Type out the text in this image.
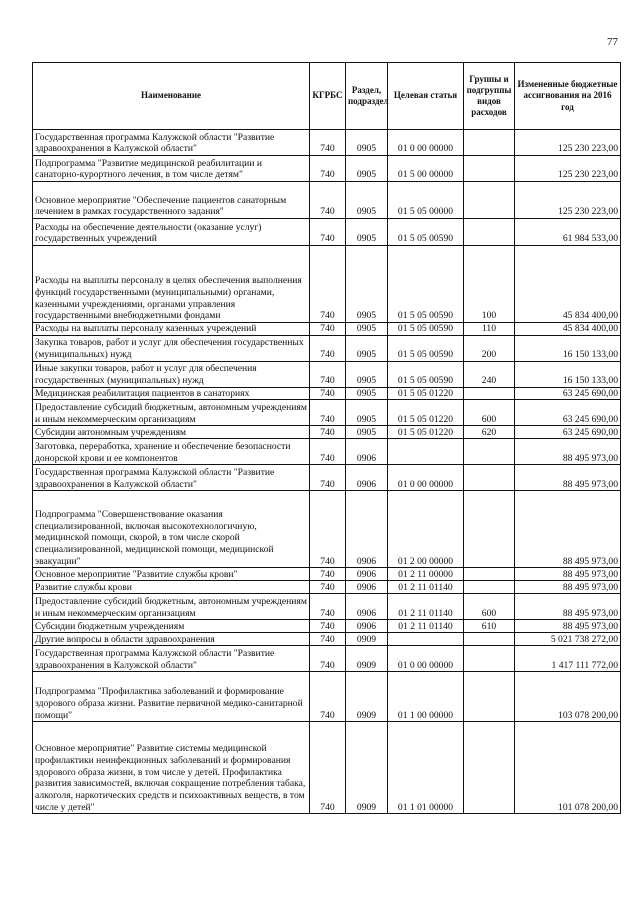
77
Наименование	КГРБС	Раздел, подраздел	Целевая статья	Группы и подгруппы видов расходов	Измененные бюджетные ассигнования на 2016 год
Государственная программа Калужской области "Развитие здравоохранения в Калужской области"	740	0905	01 0 00 00000		125 230 223,00
Подпрограмма "Развитие медицинской реабилитации и санаторно-курортного лечения, в том числе детям"	740	0905	01 5 00 00000		125 230 223,00
Основное мероприятие "Обеспечение пациентов санаторным лечением в рамках государственного задания"	740	0905	01 5 05 00000		125 230 223,00
Расходы на обеспечение деятельности (оказание услуг) государственных учреждений	740	0905	01 5 05 00590		61 984 533,00
Расходы на выплаты персоналу в целях обеспечения выполнения функций государственными (муниципальными) органами, казенными учреждениями, органами управления государственными внебюджетными фондами	740	0905	01 5 05 00590	100	45 834 400,00
Расходы на выплаты персоналу казенных учреждений	740	0905	01 5 05 00590	110	45 834 400,00
Закупка товаров, работ и услуг для обеспечения государственных (муниципальных) нужд	740	0905	01 5 05 00590	200	16 150 133,00
Иные закупки товаров, работ и услуг для обеспечения государственных (муниципальных) нужд	740	0905	01 5 05 00590	240	16 150 133,00
Медицинская реабилитация пациентов в санаториях	740	0905	01 5 05 01220		63 245 690,00
Предоставление субсидий бюджетным, автономным учреждениям и иным некоммерческим организациям	740	0905	01 5 05 01220	600	63 245 690,00
Субсидии автономным учреждениям	740	0905	01 5 05 01220	620	63 245 690,00
Заготовка, переработка, хранение и обеспечение безопасности донорской крови и ее компонентов	740	0906			88 495 973,00
Государственная программа Калужской области "Развитие здравоохранения в Калужской области"	740	0906	01 0 00 00000		88 495 973,00
Подпрограмма "Совершенствование оказания специализированной, включая высокотехнологичную, медицинской помощи, скорой, в том числе скорой специализированной, медицинской помощи, медицинской эвакуации"	740	0906	01 2 00 00000		88 495 973,00
Основное мероприятие "Развитие службы крови"	740	0906	01 2 11 00000		88 495 973,00
Развитие службы крови	740	0906	01 2 11 01140		88 495 973,00
Предоставление субсидий бюджетным, автономным учреждениям и иным некоммерческим организациям	740	0906	01 2 11 01140	600	88 495 973,00
Субсидии бюджетным учреждениям	740	0906	01 2 11 01140	610	88 495 973,00
Другие вопросы в области здравоохранения	740	0909			5 021 738 272,00
Государственная программа Калужской области "Развитие здравоохранения в Калужской области"	740	0909	01 0 00 00000		1 417 111 772,00
Подпрограмма "Профилактика заболеваний и формирование здорового образа жизни. Развитие первичной медико-санитарной помощи"	740	0909	01 1 00 00000		103 078 200,00
Основное мероприятие" Развитие системы медицинской профилактики неинфекционных заболеваний и формирования здорового образа жизни, в том числе у детей. Профилактика развития зависимостей, включая сокращение потребления табака, алкоголя, наркотических средств и психоактивных веществ, в том числе у детей"	740	0909	01 1 01 00000		101 078 200,00
